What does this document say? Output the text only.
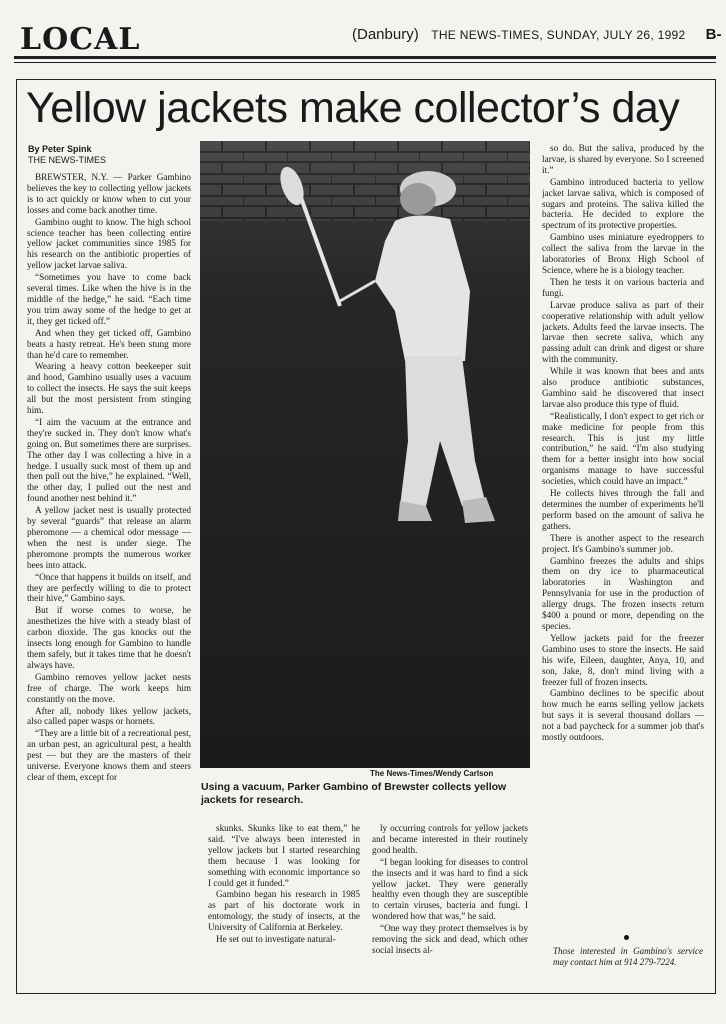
LOCAL	(Danbury) THE NEWS-TIMES, SUNDAY, JULY 26, 1992 B-
Yellow jackets make collector’s day
By Peter Spink
THE NEWS-TIMES

BREWSTER, N.Y. — Parker Gambino believes the key to collecting yellow jackets is to act quickly or know when to cut your losses and come back another time.

Gambino ought to know. The high school science teacher has been collecting entire yellow jacket communities since 1985 for his research on the antibiotic properties of yellow jacket larvae saliva.

“Sometimes you have to come back several times. Like when the hive is in the middle of the hedge,” he said. “Each time you trim away some of the hedge to get at it, they get ticked off.”

And when they get ticked off, Gambino beats a hasty retreat. He's been stung more than he'd care to remember.

Wearing a heavy cotton beekeeper suit and hood, Gambino usually uses a vacuum to collect the insects. He says the suit keeps all but the most persistent from stinging him.

“I aim the vacuum at the entrance and they're sucked in. They don't know what's going on. But sometimes there are surprises. The other day I was collecting a hive in a hedge. I usually suck most of them up and then pull out the hive,” he explained. “Well, the other day, I pulled out the nest and found another nest behind it.”

A yellow jacket nest is usually protected by several “guards” that release an alarm pheromone — a chemical odor message — when the nest is under siege. The pheromone prompts the numerous worker bees into attack.

“Once that happens it builds on itself, and they are perfectly willing to die to protect their hive,” Gambino says.

But if worse comes to worse, he anesthetizes the hive with a steady blast of carbon dioxide. The gas knocks out the insects long enough for Gambino to handle them safely, but it takes time that he doesn't always have.

Gambino removes yellow jacket nests free of charge. The work keeps him constantly on the move.

After all, nobody likes yellow jackets, also called paper wasps or hornets.

“They are a little bit of a recreational pest, an urban pest, an agricultural pest, a health pest — but they are the masters of their universe. Everyone knows them and steers clear of them, except for	The News-Times/Wendy Carlson
Using a vacuum, Parker Gambino of Brewster collects yellow jackets for research.

skunks. Skunks like to eat them,” he said. “I've always been interested in yellow jackets but I started researching them because I was looking for something with economic importance so I could get it funded.”

Gambino began his research in 1985 as part of his doctorate work in entomology, the study of insects, at the University of California at Berkeley.

He set out to investigate natural-

ly occurring controls for yellow jackets and became interested in their routinely good health.

“I began looking for diseases to control the insects and it was hard to find a sick yellow jacket. They were generally healthy even though they are susceptible to certain viruses, bacteria and fungi. I wondered how that was,” he said.

“One way they protect themselves is by removing the sick and dead, which other social insects al-

so do. But the saliva, produced by the larvae, is shared by everyone. So I screened it.”

Gambino introduced bacteria to yellow jacket larvae saliva, which is composed of sugars and proteins. The saliva killed the bacteria. He decided to explore the spectrum of its protective properties.

Gambino uses miniature eyedroppers to collect the saliva from the larvae in the laboratories of Bronx High School of Science, where he is a biology teacher.

Then he tests it on various bacteria and fungi.

Larvae produce saliva as part of their cooperative relationship with adult yellow jackets. Adults feed the larvae insects. The larvae then secrete saliva, which any passing adult can drink and digest or share with the community.

While it was known that bees and ants also produce antibiotic substances, Gambino said he discovered that insect larvae also produce this type of fluid.

“Realistically, I don't expect to get rich or make medicine for people from this research. This is just my little contribution,” he said. “I'm also studying them for a better insight into how social organisms manage to have successful societies, which could have an impact.”

He collects hives through the fall and determines the number of experiments he'll perform based on the amount of saliva he gathers.

There is another aspect to the research project. It's Gambino's summer job.

Gambino freezes the adults and ships them on dry ice to pharmaceutical laboratories in Washington and Pennsylvania for use in the production of allergy drugs. The frozen insects return $400 a pound or more, depending on the species.

Yellow jackets paid for the freezer Gambino uses to store the insects. He said his wife, Eileen, daughter, Anya, 10, and son, Jake, 8, don't mind living with a freezer full of frozen insects.

Gambino declines to be specific about how much he earns selling yellow jackets but says it is several thousand dollars — not a bad paycheck for a summer job that's mostly outdoors.

Those interested in Gambino's service may contact him at 914 279-7224.
